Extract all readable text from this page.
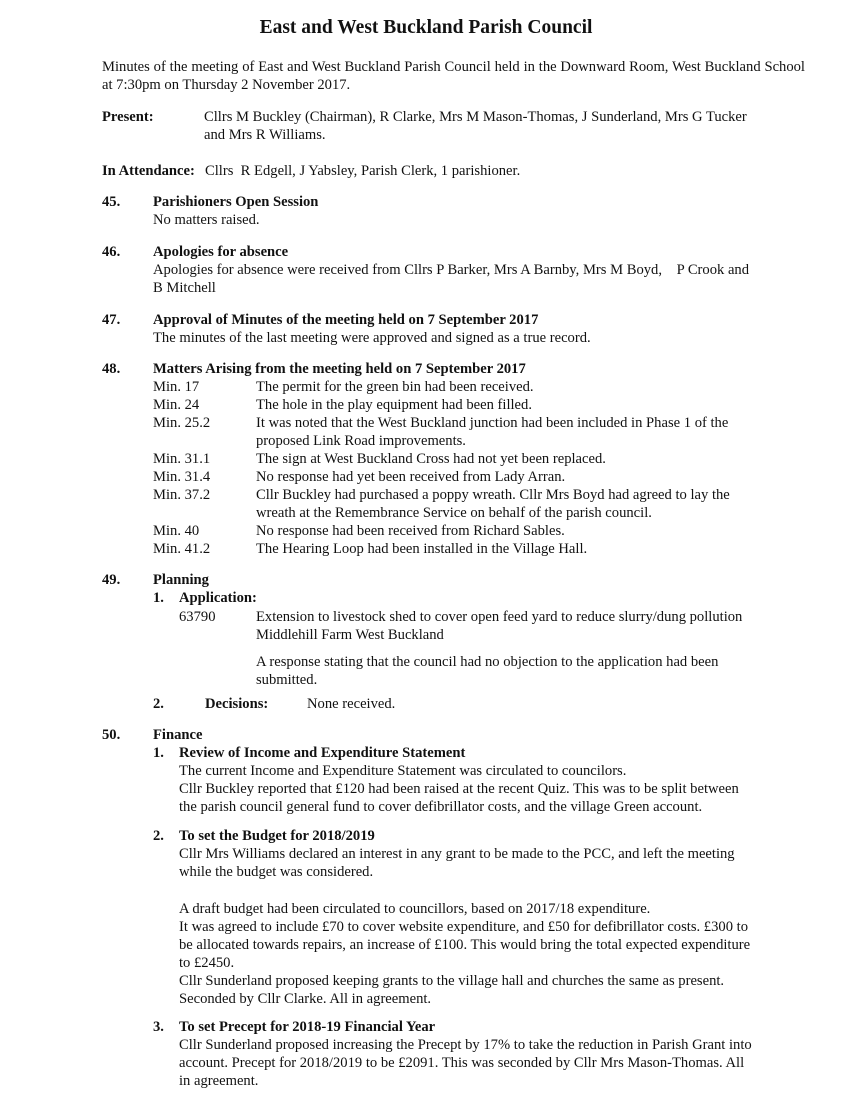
East and West Buckland Parish Council
Minutes of the meeting of East and West Buckland Parish Council held in the Downward Room, West Buckland School at 7:30pm on Thursday 2 November 2017.
Present:	Cllrs M Buckley (Chairman), R Clarke, Mrs M Mason-Thomas, J Sunderland, Mrs G Tucker
and Mrs R Williams.
In Attendance: Cllrs  R Edgell, J Yabsley, Parish Clerk, 1 parishioner.
45. Parishioners Open Session
No matters raised.
46. Apologies for absence
Apologies for absence were received from Cllrs P Barker, Mrs A Barnby, Mrs M Boyd,    P Crook and
B Mitchell
47. Approval of Minutes of the meeting held on 7 September 2017
The minutes of the last meeting were approved and signed as a true record.
48. Matters Arising from the meeting held on 7 September 2017
Min. 17	The permit for the green bin had been received.
Min. 24	The hole in the play equipment had been filled.
Min. 25.2	It was noted that the West Buckland junction had been included in Phase 1 of the
proposed Link Road improvements.
Min. 31.1	The sign at West Buckland Cross had not yet been replaced.
Min. 31.4	No response had yet been received from Lady Arran.
Min. 37.2	Cllr Buckley had purchased a poppy wreath. Cllr Mrs Boyd had agreed to lay the
wreath at the Remembrance Service on behalf of the parish council.
Min. 40	No response had been received from Richard Sables.
Min. 41.2	The Hearing Loop had been installed in the Village Hall.
49. Planning
1. Application:
63790	Extension to livestock shed to cover open feed yard to reduce slurry/dung pollution
Middlehill Farm West Buckland
A response stating that the council had no objection to the application had been
submitted.
2.	Decisions:	None received.
50. Finance
1. Review of Income and Expenditure Statement
The current Income and Expenditure Statement was circulated to councilors.
Cllr Buckley reported that £120 had been raised at the recent Quiz. This was to be split between
the parish council general fund to cover defibrillator costs, and the village Green account.
2. To set the Budget for 2018/2019
Cllr Mrs Williams declared an interest in any grant to be made to the PCC, and left the meeting
while the budget was considered.
A draft budget had been circulated to councillors, based on 2017/18 expenditure.
It was agreed to include £70 to cover website expenditure, and £50 for defibrillator costs. £300 to
be allocated towards repairs, an increase of £100. This would bring the total expected expenditure
to £2450.
Cllr Sunderland proposed keeping grants to the village hall and churches the same as present.
Seconded by Cllr Clarke. All in agreement.
3. To set Precept for 2018-19 Financial Year
Cllr Sunderland proposed increasing the Precept by 17% to take the reduction in Parish Grant into
account. Precept for 2018/2019 to be £2091. This was seconded by Cllr Mrs Mason-Thomas. All
in agreement.
